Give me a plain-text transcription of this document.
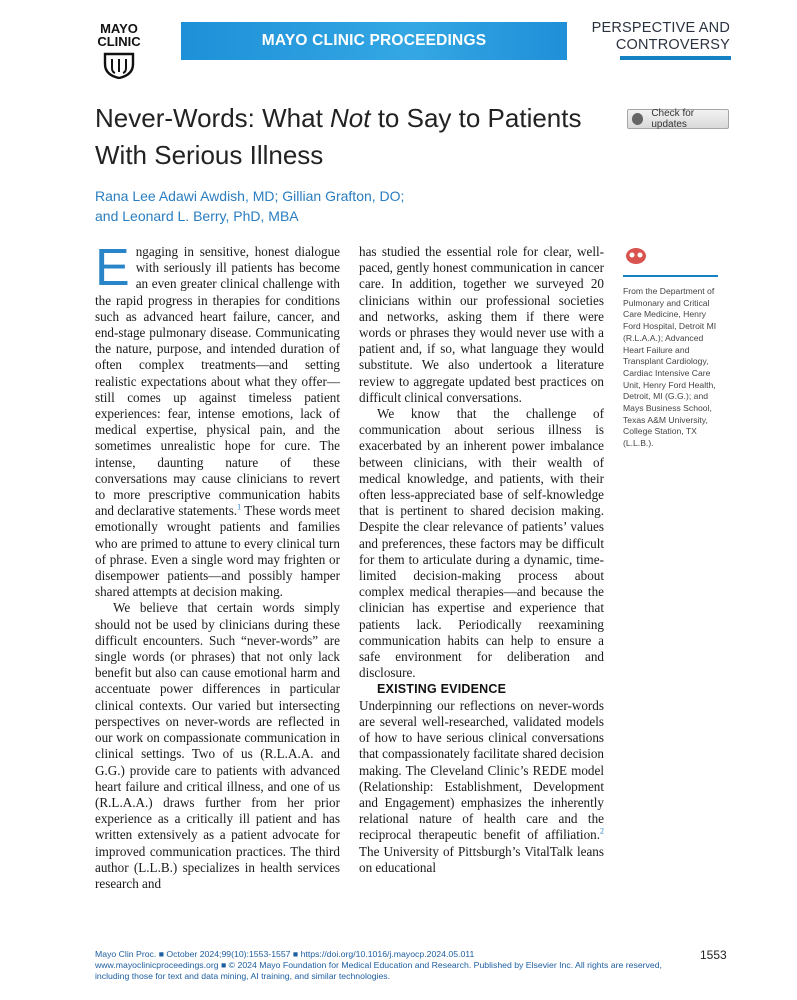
MAYO
CLINIC	MAYO CLINIC PROCEEDINGS
PERSPECTIVE AND
CONTROVERSY
Never-Words: What Not to Say to Patients With Serious Illness
Check for updates
Rana Lee Adawi Awdish, MD; Gillian Grafton, DO;
and Leonard L. Berry, PhD, MBA

Engaging in sensitive, honest dialogue with seriously ill patients has become an even greater clinical challenge with the rapid progress in therapies for conditions such as advanced heart failure, cancer, and end-stage pulmonary disease. Communicating the nature, purpose, and intended duration of often complex treatments—and setting realistic expectations about what they offer—still comes up against timeless patient experiences: fear, intense emotions, lack of medical expertise, physical pain, and the sometimes unrealistic hope for cure. The intense, daunting nature of these conversations may cause clinicians to revert to more prescriptive communication habits and declarative statements.$^1$ These words meet emotionally wrought patients and families who are primed to attune to every clinical turn of phrase. Even a single word may frighten or disempower patients—and possibly hamper shared attempts at decision making.

We believe that certain words simply should not be used by clinicians during these difficult encounters. Such “never-words” are single words (or phrases) that not only lack benefit but also can cause emotional harm and accentuate power differences in particular clinical contexts. Our varied but intersecting perspectives on never-words are reflected in our work on compassionate communication in clinical settings. Two of us (R.L.A.A. and G.G.) provide care to patients with advanced heart failure and critical illness, and one of us (R.L.A.A.) draws further from her prior experience as a critically ill patient and has written extensively as a patient advocate for improved communication practices. The third author (L.L.B.) specializes in health services research and

has studied the essential role for clear, well-paced, gently honest communication in cancer care. In addition, together we surveyed 20 clinicians within our professional societies and networks, asking them if there were words or phrases they would never use with a patient and, if so, what language they would substitute. We also undertook a literature review to aggregate updated best practices on difficult clinical conversations.

We know that the challenge of communication about serious illness is exacerbated by an inherent power imbalance between clinicians, with their wealth of medical knowledge, and patients, with their often less-appreciated base of self-knowledge that is pertinent to shared decision making. Despite the clear relevance of patients’ values and preferences, these factors may be difficult for them to articulate during a dynamic, time-limited decision-making process about complex medical therapies—and because the clinician has expertise and experience that patients lack. Periodically reexamining communication habits can help to ensure a safe environment for deliberation and disclosure.

EXISTING EVIDENCE

Underpinning our reflections on never-words are several well-researched, validated models of how to have serious clinical conversations that compassionately facilitate shared decision making. The Cleveland Clinic’s REDE model (Relationship: Establishment, Development and Engagement) emphasizes the inherently relational nature of health care and the reciprocal therapeutic benefit of affiliation.$^2$ The University of Pittsburgh’s VitalTalk leans on educational

From the Department of Pulmonary and Critical Care Medicine, Henry Ford Hospital, Detroit MI (R.L.A.A.); Advanced Heart Failure and Transplant Cardiology, Cardiac Intensive Care Unit, Henry Ford Health, Detroit, MI (G.G.); and Mays Business School, Texas A&M University, College Station, TX (L.L.B.).
Mayo Clin Proc. ■ October 2024;99(10):1553-1557 ■ https://doi.org/10.1016/j.mayocp.2024.05.011
www.mayoclinicproceedings.org ■ © 2024 Mayo Foundation for Medical Education and Research. Published by Elsevier Inc. All rights are reserved,
including those for text and data mining, AI training, and similar technologies.
1553
